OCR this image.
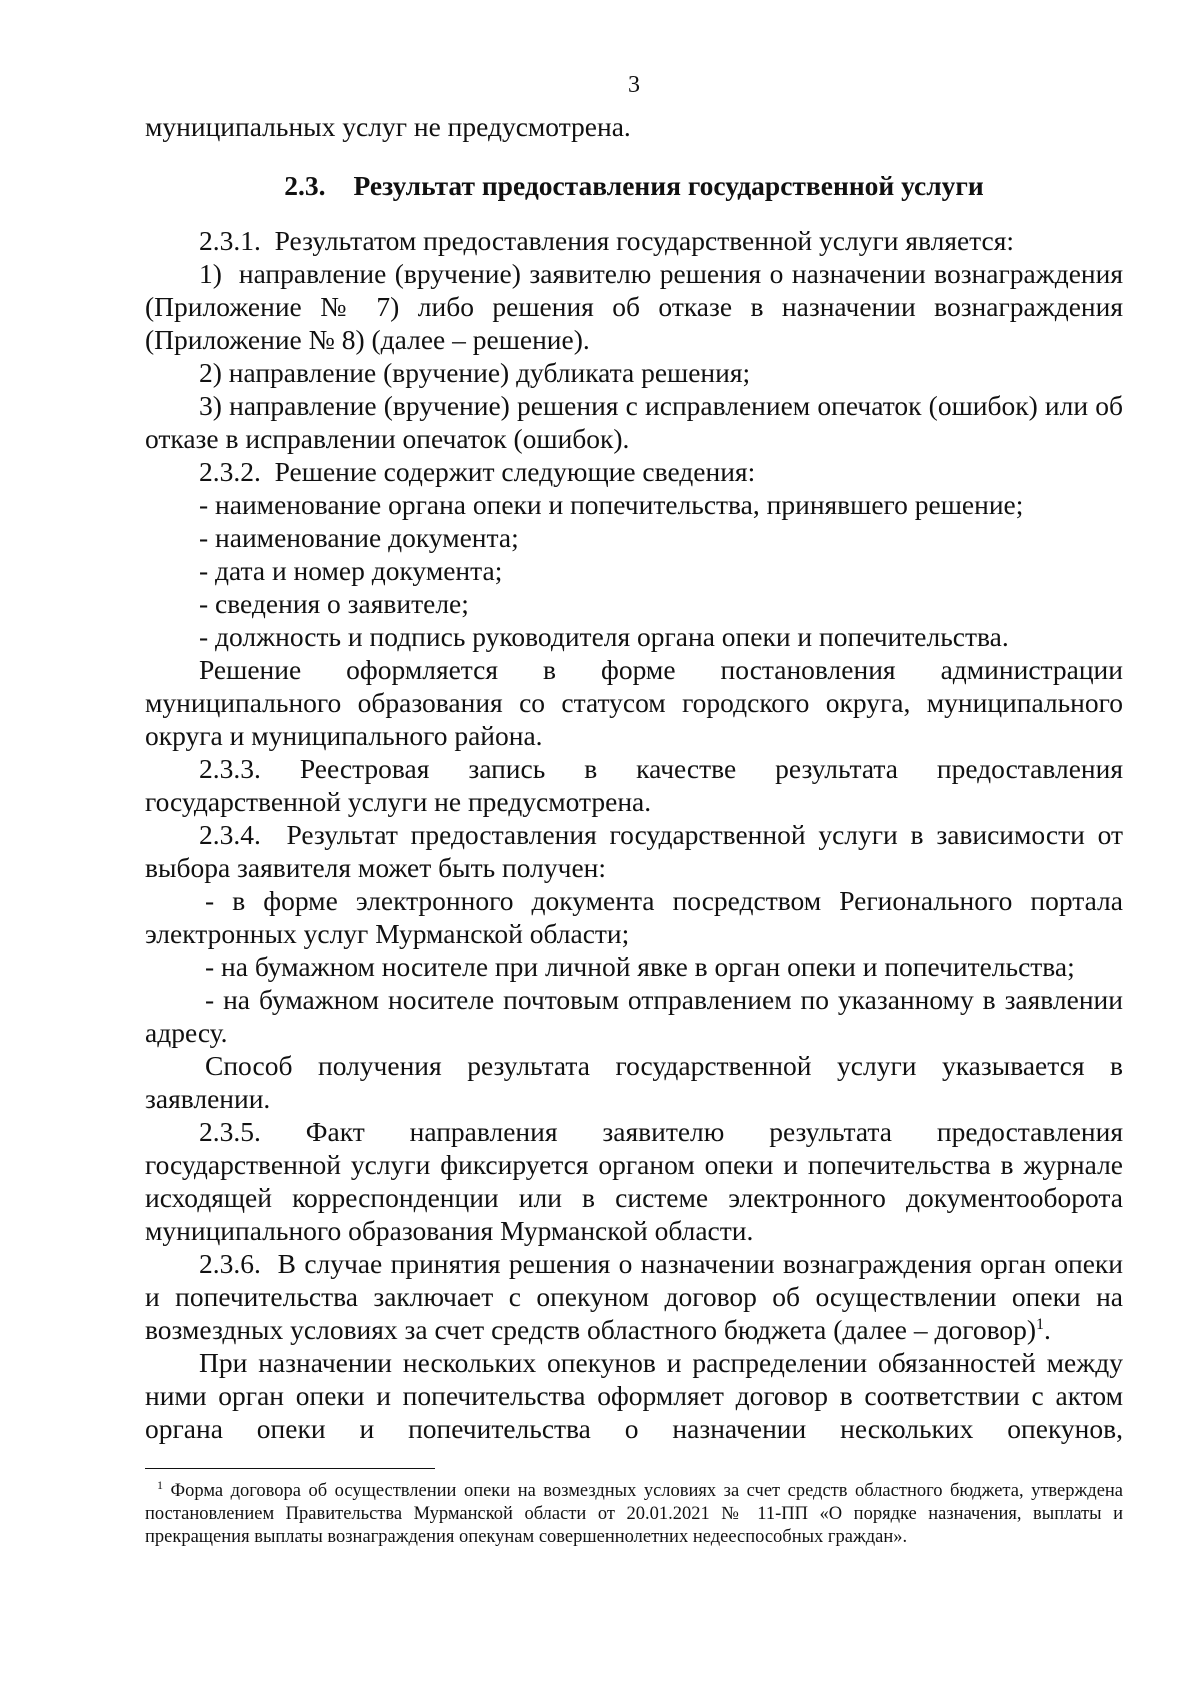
3

муниципальных услуг не предусмотрена.

2.3. Результат предоставления государственной услуги

2.3.1.  Результатом предоставления государственной услуги является:

1)  направление (вручение) заявителю решения о назначении вознаграждения (Приложение № 7) либо решения об отказе в назначении вознаграждения (Приложение № 8) (далее – решение).

2) направление (вручение) дубликата решения;

3) направление (вручение) решения с исправлением опечаток (ошибок) или об отказе в исправлении опечаток (ошибок).

2.3.2.  Решение содержит следующие сведения:

- наименование органа опеки и попечительства, принявшего решение;

- наименование документа;

- дата и номер документа;

- сведения о заявителе;

- должность и подпись руководителя органа опеки и попечительства.

Решение оформляется в форме постановления администрации муниципального образования со статусом городского округа, муниципального округа и муниципального района.

2.3.3. Реестровая запись в качестве результата предоставления государственной услуги не предусмотрена.

2.3.4.  Результат предоставления государственной услуги в зависимости от выбора заявителя может быть получен:

- в форме электронного документа посредством Регионального портала электронных услуг Мурманской области;

- на бумажном носителе при личной явке в орган опеки и попечительства;

- на бумажном носителе почтовым отправлением по указанному в заявлении адресу.

Способ получения результата государственной услуги указывается в заявлении.

2.3.5. Факт направления заявителю результата предоставления государственной услуги фиксируется органом опеки и попечительства в журнале исходящей корреспонденции или в системе электронного документооборота муниципального образования Мурманской области.

2.3.6.  В случае принятия решения о назначении вознаграждения орган опеки и попечительства заключает с опекуном договор об осуществлении опеки на возмездных условиях за счет средств областного бюджета (далее – договор)$^1$.

При назначении нескольких опекунов и распределении обязанностей между ними орган опеки и попечительства оформляет договор в соответствии с актом органа опеки и попечительства о назначении нескольких опекунов,

$^1$ Форма договора об осуществлении опеки на возмездных условиях за счет средств областного бюджета, утверждена постановлением Правительства Мурманской области от 20.01.2021 № 11-ПП «О порядке назначения, выплаты и прекращения выплаты вознаграждения опекунам совершеннолетних недееспособных граждан».
